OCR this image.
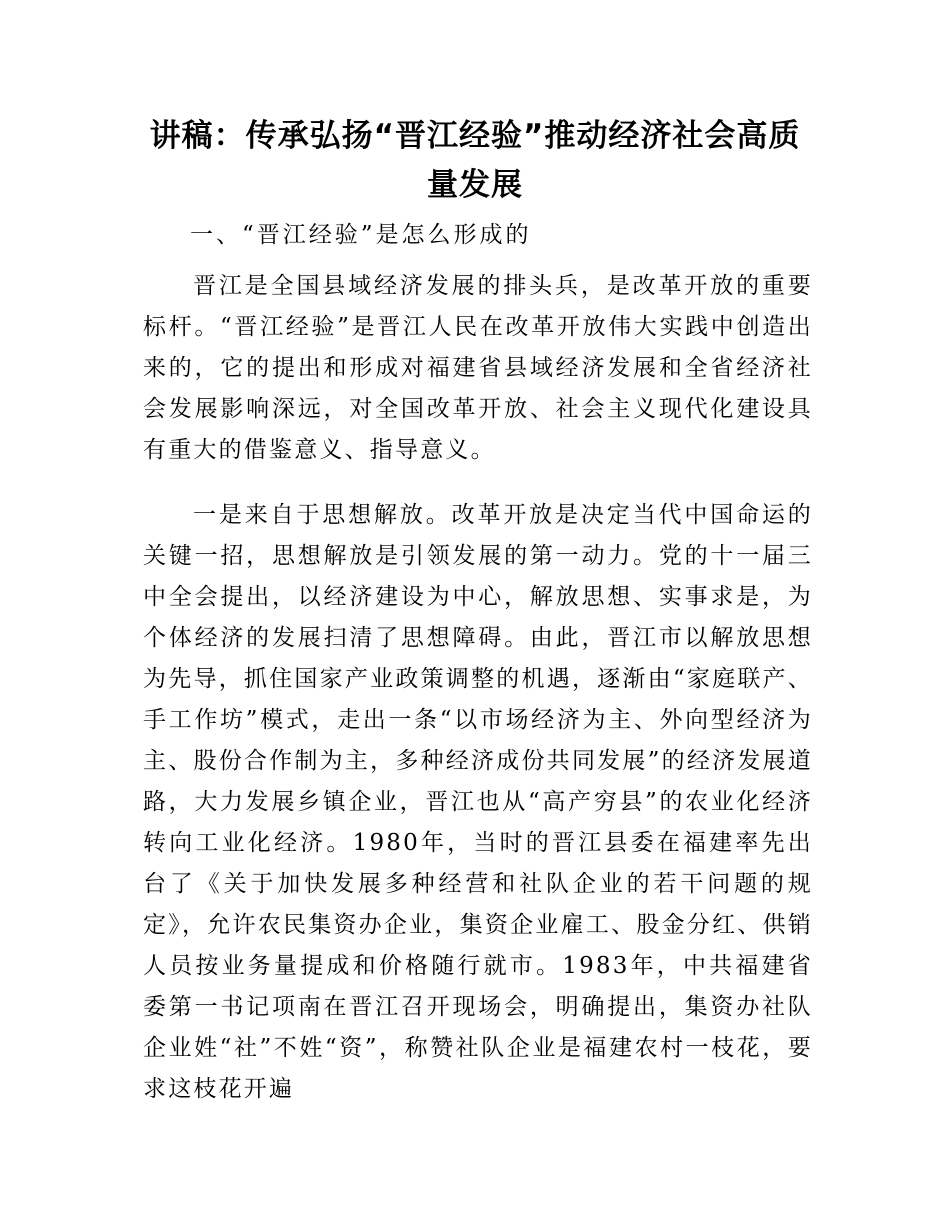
讲稿：传承弘扬“晋江经验”推动经济社会高质量发展

一、“晋江经验”是怎么形成的

晋江是全国县域经济发展的排头兵，是改革开放的重要标杆。“晋江经验”是晋江人民在改革开放伟大实践中创造出来的，它的提出和形成对福建省县域经济发展和全省经济社会发展影响深远，对全国改革开放、社会主义现代化建设具有重大的借鉴意义、指导意义。

一是来自于思想解放。改革开放是决定当代中国命运的关键一招，思想解放是引领发展的第一动力。党的十一届三中全会提出，以经济建设为中心，解放思想、实事求是，为个体经济的发展扫清了思想障碍。由此，晋江市以解放思想为先导，抓住国家产业政策调整的机遇，逐渐由“家庭联产、手工作坊”模式，走出一条“以市场经济为主、外向型经济为主、股份合作制为主，多种经济成份共同发展”的经济发展道路，大力发展乡镇企业，晋江也从“高产穷县”的农业化经济转向工业化经济。1980年，当时的晋江县委在福建率先出台了《关于加快发展多种经营和社队企业的若干问题的规定》，允许农民集资办企业，集资企业雇工、股金分红、供销人员按业务量提成和价格随行就市。1983年，中共福建省委第一书记项南在晋江召开现场会，明确提出，集资办社队企业姓“社”不姓“资”，称赞社队企业是福建农村一枝花，要求这枝花开遍
